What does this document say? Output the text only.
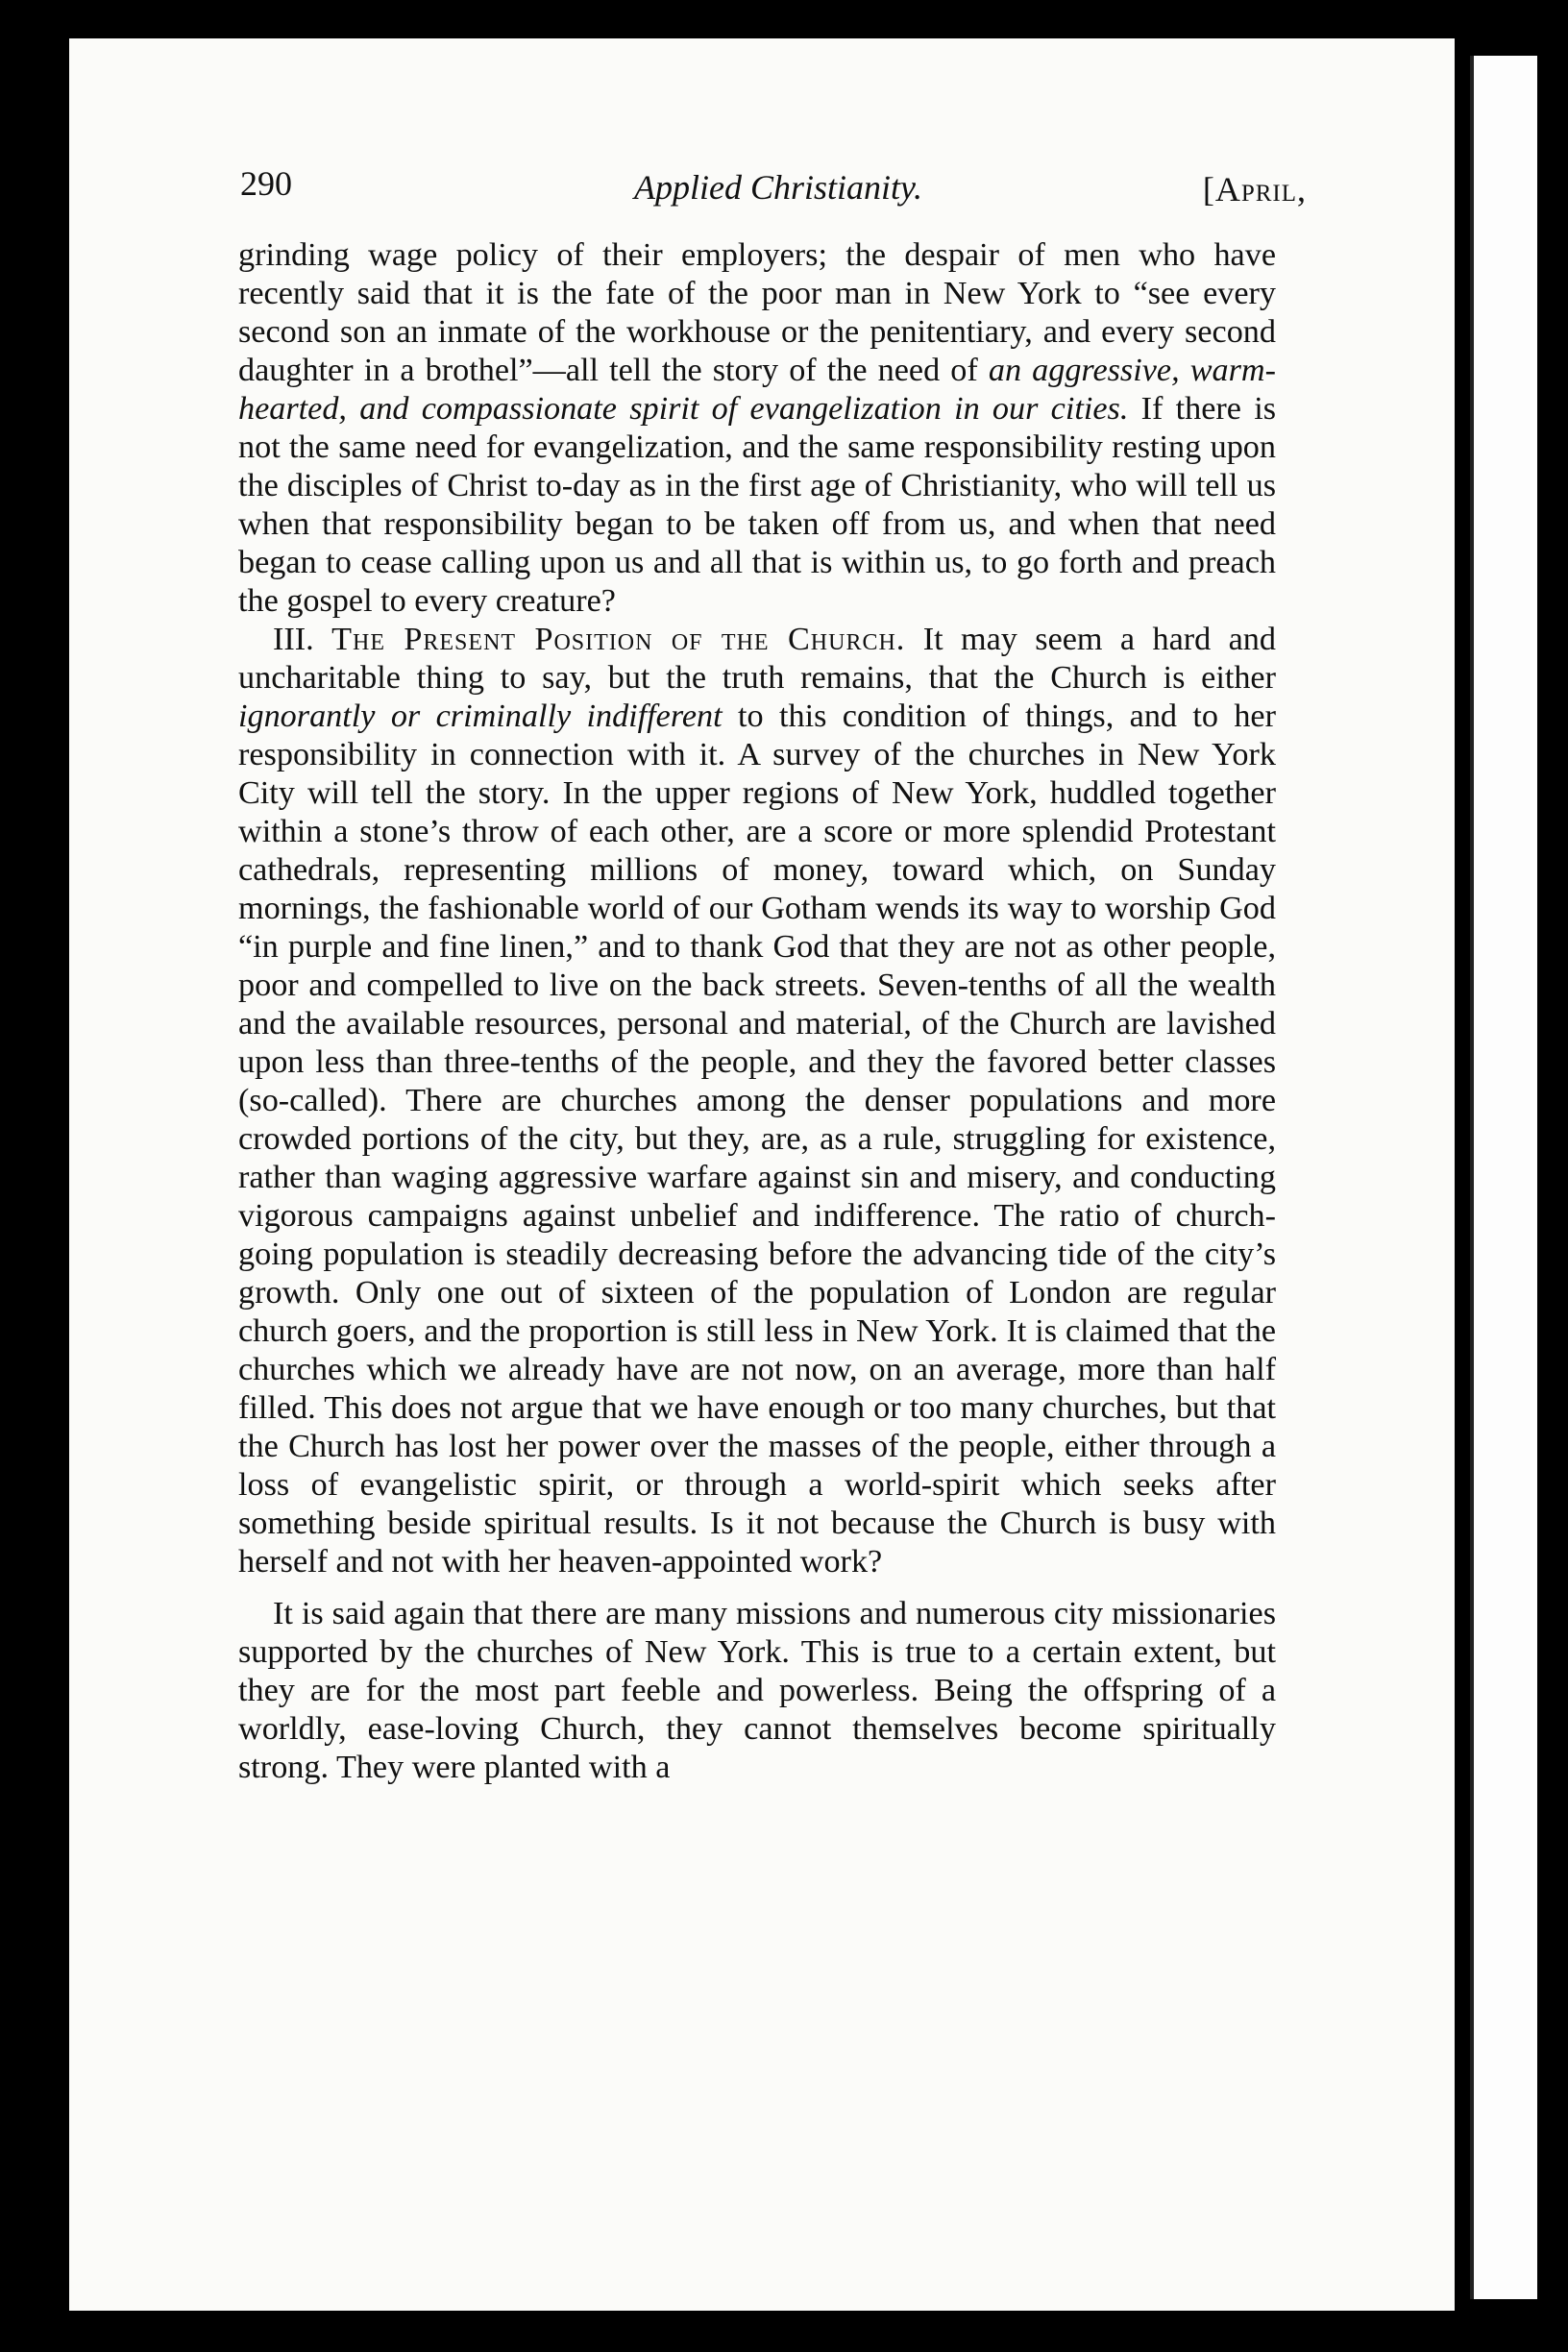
290	Applied Christianity.	[April,

grinding wage policy of their employers; the despair of men who have recently said that it is the fate of the poor man in New York to “see every second son an inmate of the workhouse or the penitentiary, and every second daughter in a brothel”—all tell the story of the need of an aggressive, warm-hearted, and compassionate spirit of evangelization in our cities. If there is not the same need for evangelization, and the same responsibility resting upon the disciples of Christ to-day as in the first age of Christianity, who will tell us when that responsibility began to be taken off from us, and when that need began to cease calling upon us and all that is within us, to go forth and preach the gospel to every creature?

III. The Present Position of the Church. It may seem a hard and uncharitable thing to say, but the truth remains, that the Church is either ignorantly or criminally indifferent to this condition of things, and to her responsibility in connection with it. A survey of the churches in New York City will tell the story. In the upper regions of New York, huddled together within a stone’s throw of each other, are a score or more splendid Protestant cathedrals, representing millions of money, toward which, on Sunday mornings, the fashionable world of our Gotham wends its way to worship God “in purple and fine linen,” and to thank God that they are not as other people, poor and compelled to live on the back streets. Seven-tenths of all the wealth and the available resources, personal and material, of the Church are lavished upon less than three-tenths of the people, and they the favored better classes (so-called). There are churches among the denser populations and more crowded portions of the city, but they, are, as a rule, struggling for existence, rather than waging aggressive warfare against sin and misery, and conducting vigorous campaigns against unbelief and indifference. The ratio of church-going population is steadily decreasing before the advancing tide of the city’s growth. Only one out of sixteen of the population of London are regular church goers, and the proportion is still less in New York. It is claimed that the churches which we already have are not now, on an average, more than half filled. This does not argue that we have enough or too many churches, but that the Church has lost her power over the masses of the people, either through a loss of evangelistic spirit, or through a world-spirit which seeks after something beside spiritual results. Is it not because the Church is busy with herself and not with her heaven-appointed work?

It is said again that there are many missions and numerous city missionaries supported by the churches of New York. This is true to a certain extent, but they are for the most part feeble and powerless. Being the offspring of a worldly, ease-loving Church, they cannot themselves become spiritually strong. They were planted with a
